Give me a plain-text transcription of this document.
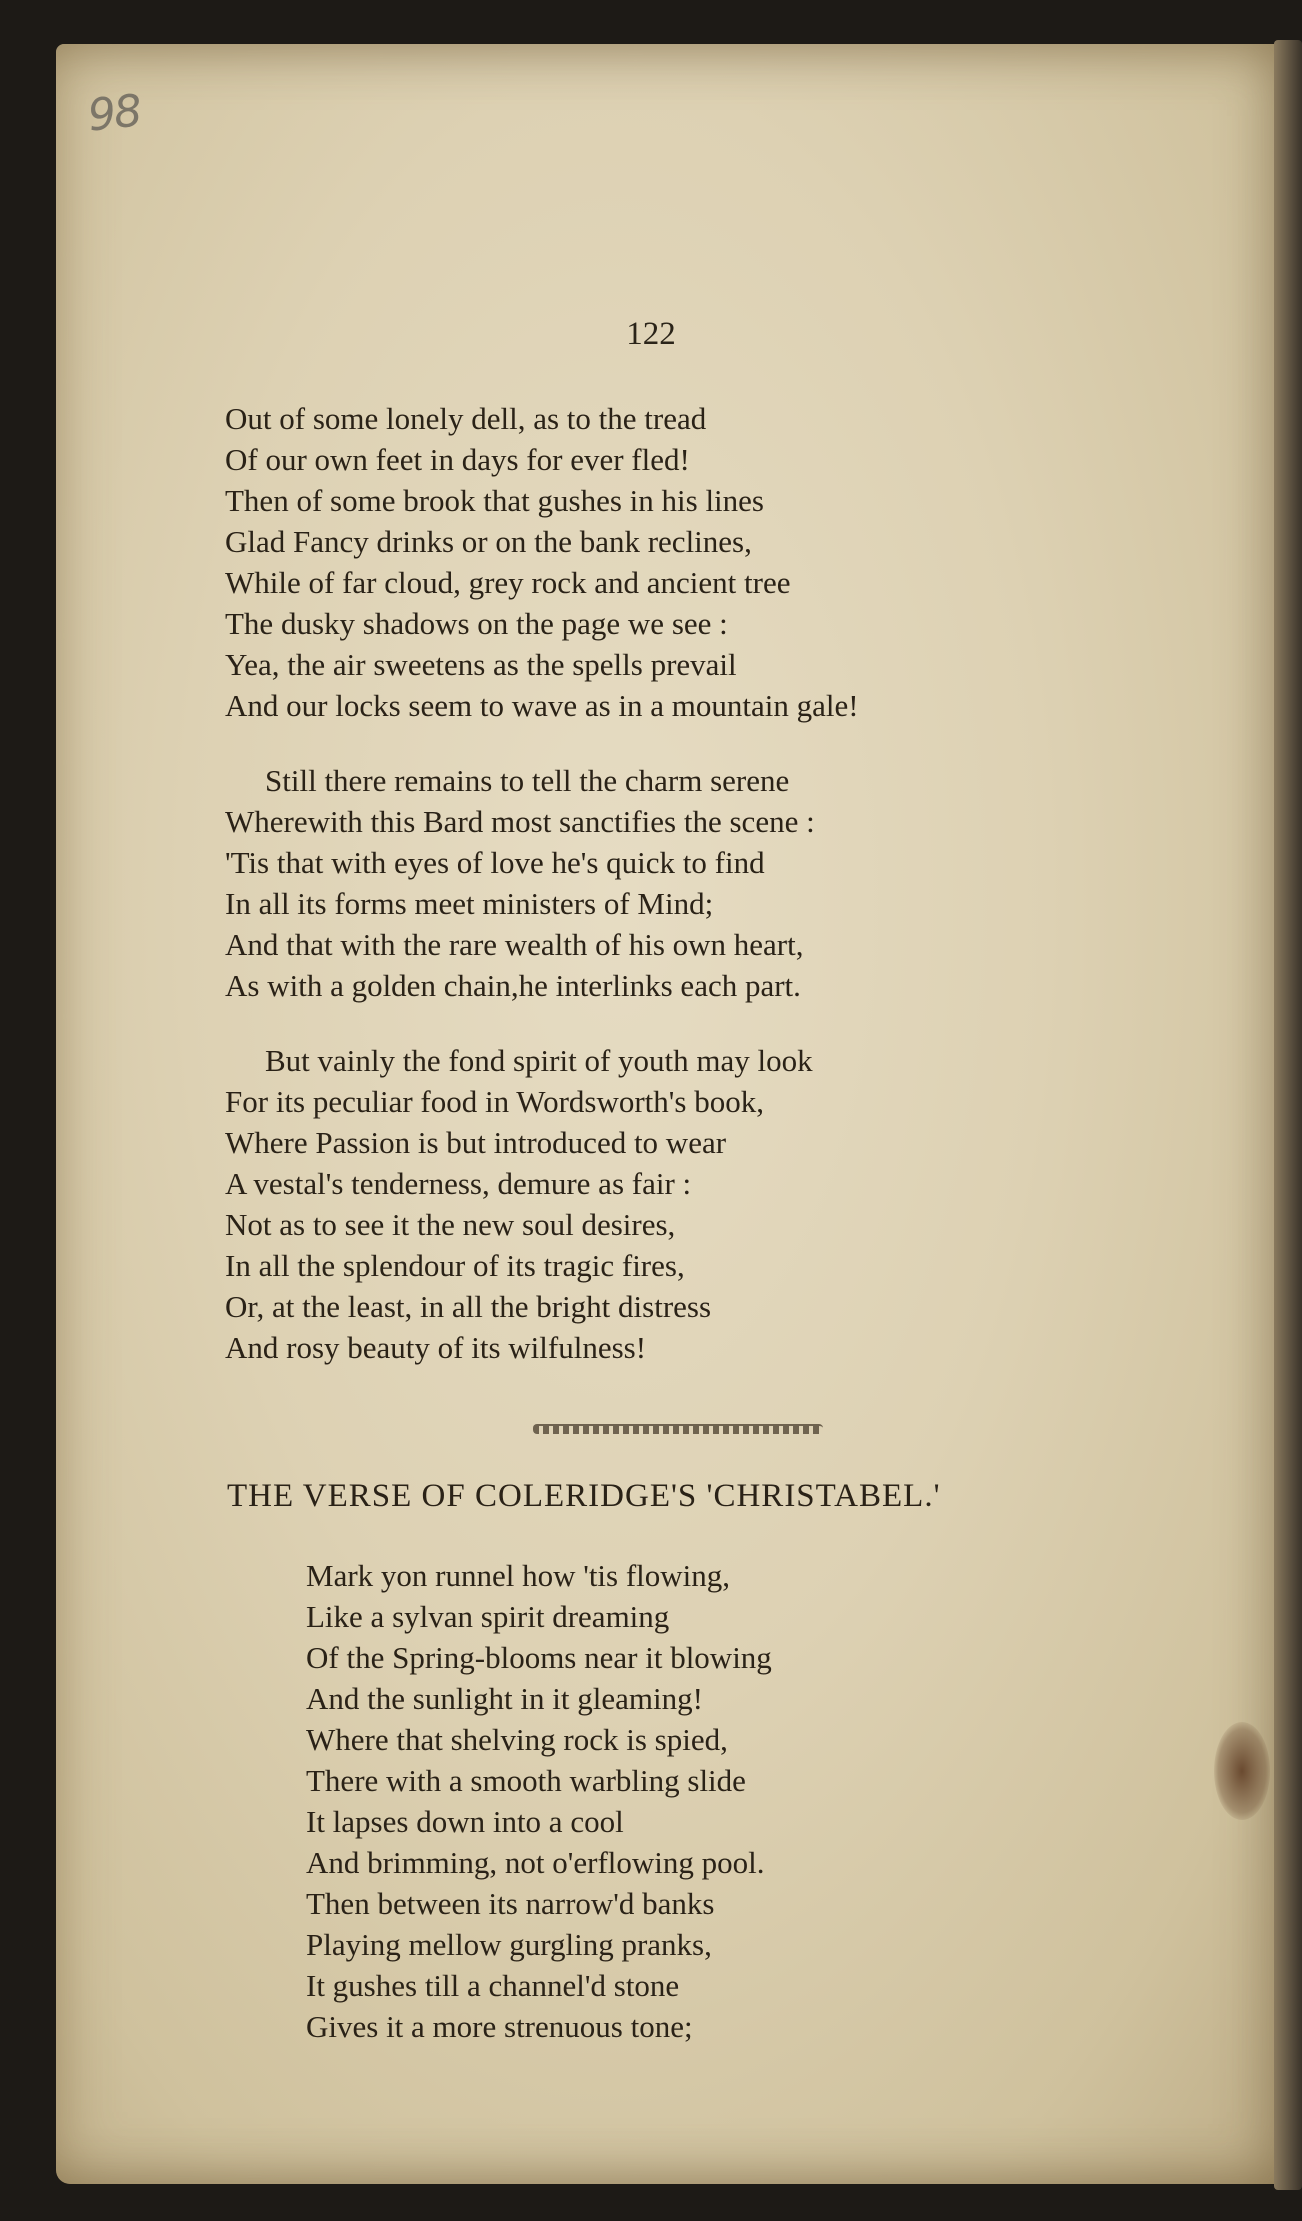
98
122
Out of some lonely dell, as to the tread
Of our own feet in days for ever fled!
Then of some brook that gushes in his lines
Glad Fancy drinks or on the bank reclines,
While of far cloud, grey rock and ancient tree
The dusky shadows on the page we see :
Yea, the air sweetens as the spells prevail
And our locks seem to wave as in a mountain gale!
Still there remains to tell the charm serene
Wherewith this Bard most sanctifies the scene :
'Tis that with eyes of love he's quick to find
In all its forms meet ministers of Mind;
And that with the rare wealth of his own heart,
As with a golden chain,he interlinks each part.
But vainly the fond spirit of youth may look
For its peculiar food in Wordsworth's book,
Where Passion is but introduced to wear
A vestal's tenderness, demure as fair :
Not as to see it the new soul desires,
In all the splendour of its tragic fires,
Or, at the least, in all the bright distress
And rosy beauty of its wilfulness!
THE VERSE OF COLERIDGE'S 'CHRISTABEL.'
Mark yon runnel how 'tis flowing,
Like a sylvan spirit dreaming
Of the Spring-blooms near it blowing
And the sunlight in it gleaming!
Where that shelving rock is spied,
There with a smooth warbling slide
It lapses down into a cool
And brimming, not o'erflowing pool.
Then between its narrow'd banks
Playing mellow gurgling pranks,
It gushes till a channel'd stone
Gives it a more strenuous tone;
